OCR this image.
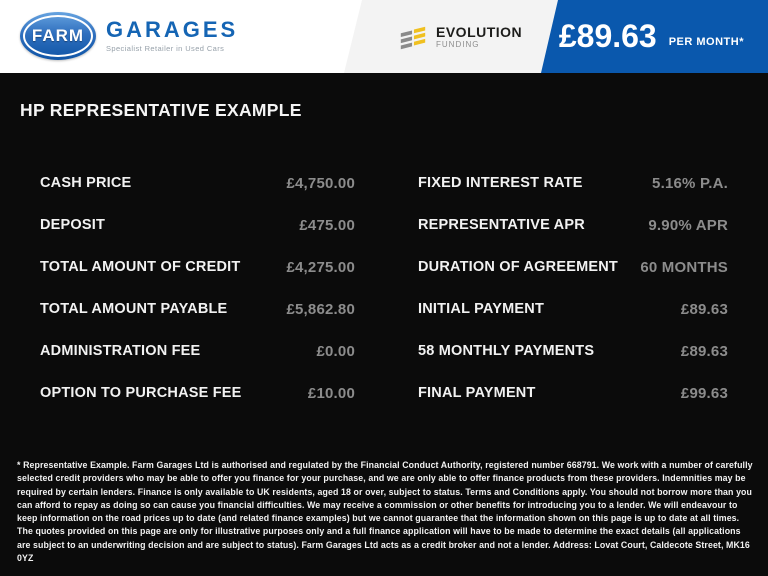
FARM GARAGES
Specialist Retailer in Used Cars
EVOLUTION
FUNDING	£89.63 PER MONTH*
HP REPRESENTATIVE EXAMPLE
CASH PRICE	£4,750.00
DEPOSIT	£475.00
TOTAL AMOUNT OF CREDIT	£4,275.00
TOTAL AMOUNT PAYABLE	£5,862.80
ADMINISTRATION FEE	£0.00
OPTION TO PURCHASE FEE	£10.00
FIXED INTEREST RATE	5.16% P.A.
REPRESENTATIVE APR	9.90% APR
DURATION OF AGREEMENT 60 MONTHS
INITIAL PAYMENT	£89.63
58 MONTHLY PAYMENTS	£89.63
FINAL PAYMENT	£99.63

* Representative Example. Farm Garages Ltd is authorised and regulated by the Financial Conduct Authority, registered number 668791. We work with a number of carefully selected credit providers who may be able to offer you finance for your purchase, and we are only able to offer finance products from these providers. Indemnities may be required by certain lenders. Finance is only available to UK residents, aged 18 or over, subject to status. Terms and Conditions apply. You should not borrow more than you can afford to repay as doing so can cause you financial difficulties. We may receive a commission or other benefits for introducing you to a lender. We will endeavour to keep information on the road prices up to date (and related finance examples) but we cannot guarantee that the information shown on this page is up to date at all times. The quotes provided on this page are only for illustrative purposes only and a full finance application will have to be made to determine the exact details (all applications are subject to an underwriting decision and are subject to status). Farm Garages Ltd acts as a credit broker and not a lender. Address: Lovat Court, Caldecote Street, MK16 0YZ
